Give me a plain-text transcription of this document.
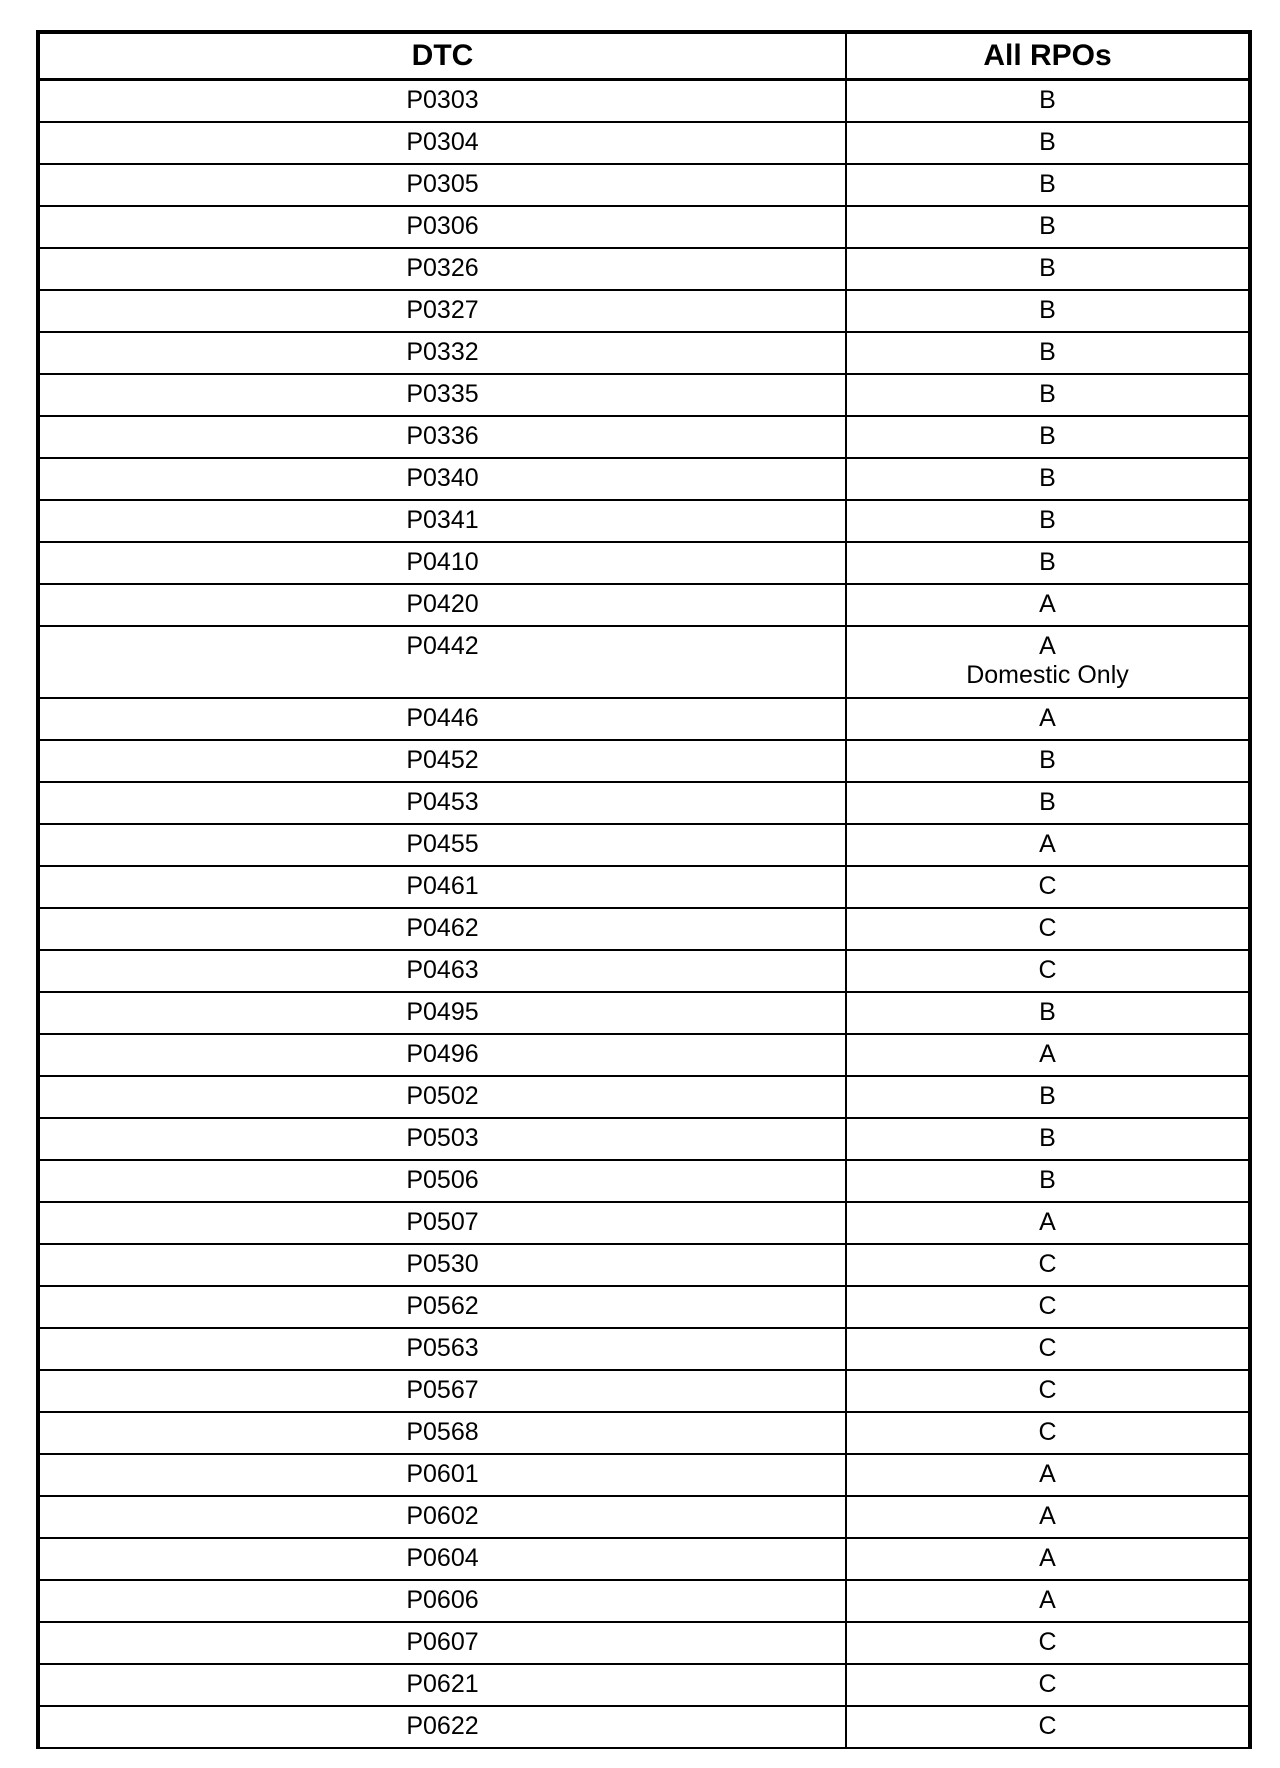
DTC	All RPOs
P0303	B

P0304	B

P0305	B

P0306	B

P0326	B

P0327	B

P0332	B

P0335	B

P0336	B

P0340	B

P0341	B

P0410	B

P0420	A

P0442	A
Domestic Only

P0446	A

P0452	B

P0453	B

P0455	A

P0461	C

P0462	C

P0463	C

P0495	B

P0496	A

P0502	B

P0503	B

P0506	B

P0507	A

P0530	C

P0562	C

P0563	C

P0567	C

P0568	C

P0601	A

P0602	A

P0604	A

P0606	A

P0607	C

P0621	C

P0622	C
